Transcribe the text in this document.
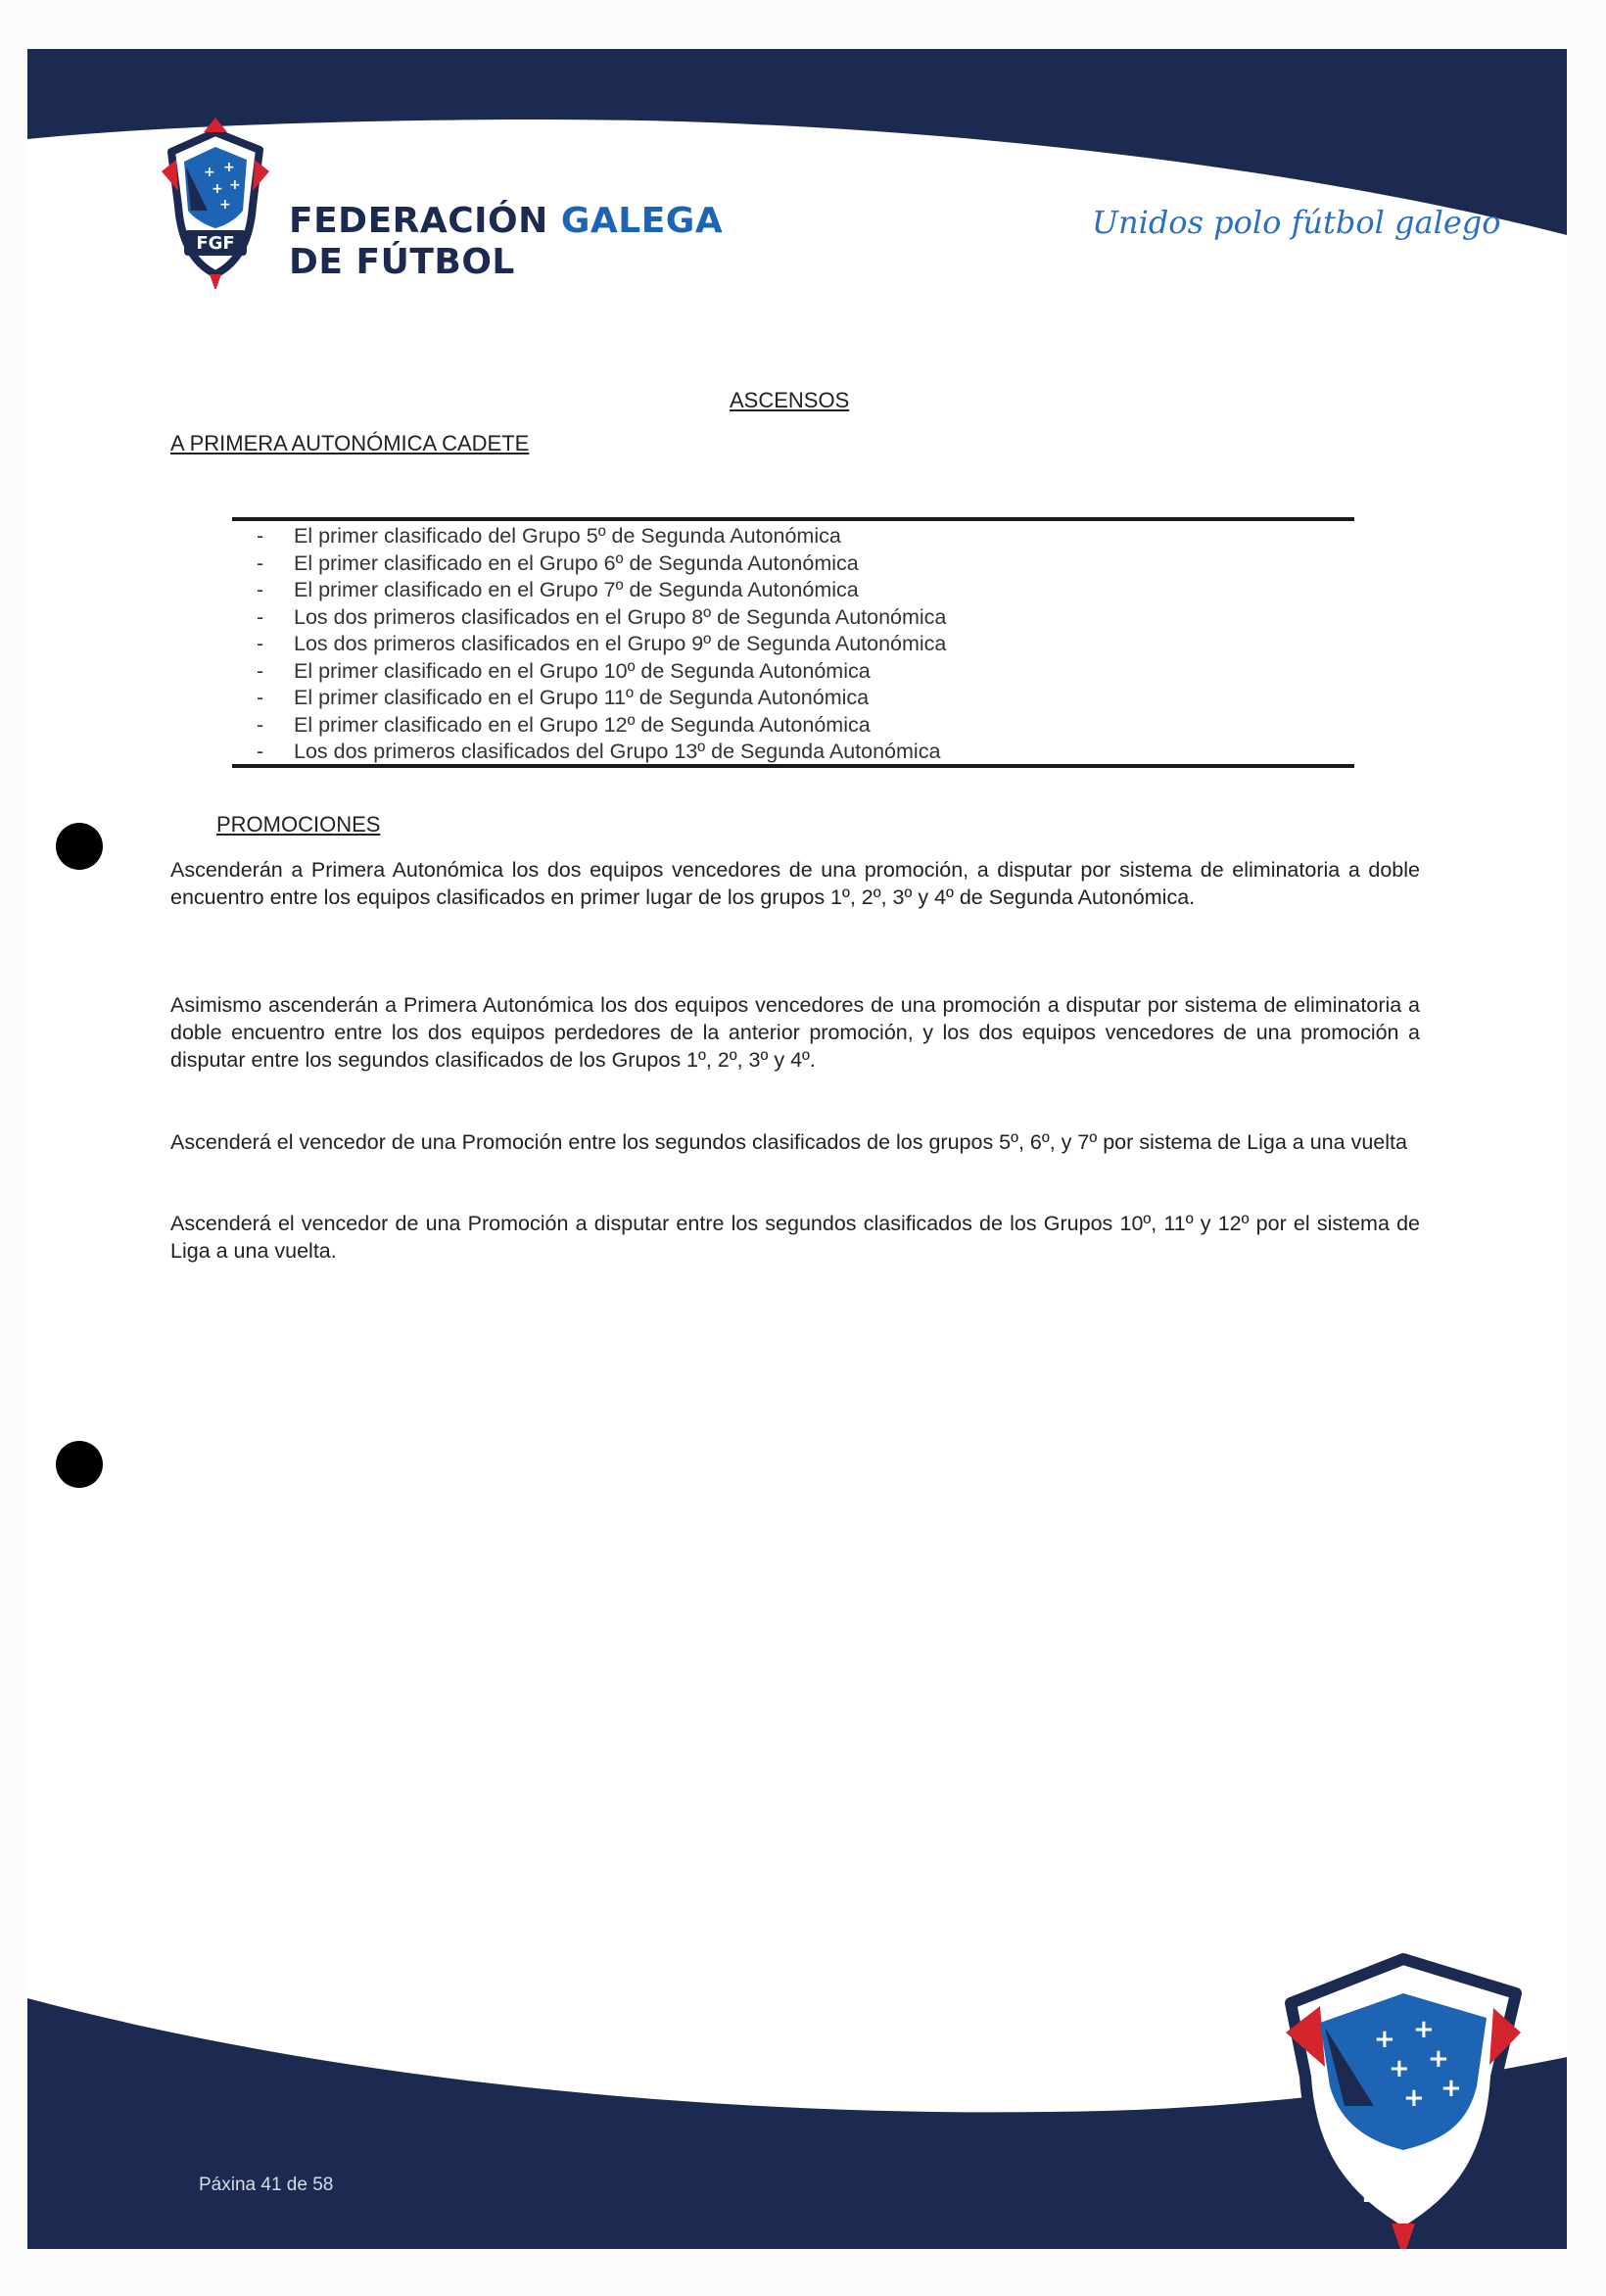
Páxina 41 de 58
+ +
+ +
+ +
FGF
+ +
+ +
+
FGF
FEDERACIÓN GALEGA
DE FÚTBOL
Unidos polo fútbol galego
ASCENSOS
A PRIMERA AUTONÓMICA CADETE
- El primer clasificado del Grupo 5º de Segunda Autonómica
- El primer clasificado en el Grupo 6º de Segunda Autonómica
- El primer clasificado en el Grupo 7º de Segunda Autonómica
- Los dos primeros clasificados en el Grupo 8º de Segunda Autonómica
- Los dos primeros clasificados en el Grupo 9º de Segunda Autonómica
- El primer clasificado en el Grupo 10º de Segunda Autonómica
- El primer clasificado en el Grupo 11º de Segunda Autonómica
- El primer clasificado en el Grupo 12º de Segunda Autonómica
- Los dos primeros clasificados del Grupo 13º de Segunda Autonómica
PROMOCIONES

Ascenderán a Primera Autonómica los dos equipos vencedores de una promoción, a disputar por sistema de eliminatoria a doble encuentro entre los equipos clasificados en primer lugar de los grupos 1º, 2º, 3º y 4º de Segunda Autonómica.

Asimismo ascenderán a Primera Autonómica los dos equipos vencedores de una promoción a disputar por sistema de eliminatoria a doble encuentro entre los dos equipos perdedores de la anterior promoción, y los dos equipos vencedores de una promoción a disputar entre los segundos clasificados de los Grupos 1º, 2º, 3º y 4º.

Ascenderá el vencedor de una Promoción entre los segundos clasificados de los grupos 5º, 6º, y 7º por sistema de Liga a una vuelta

Ascenderá el vencedor de una Promoción a disputar entre los segundos clasificados de los Grupos 10º, 11º y 12º por el sistema de Liga a una vuelta.
